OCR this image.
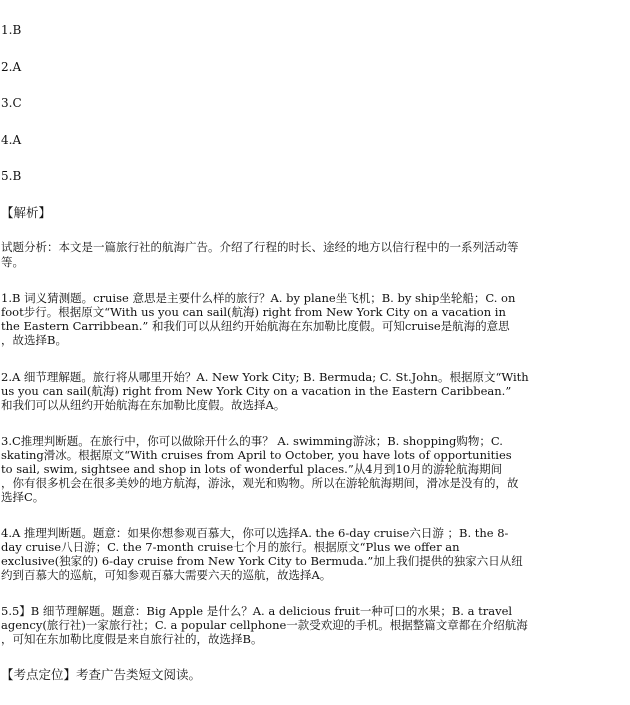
1.B
2.A
3.C
4.A
5.B
【解析】
试题分析：本文是一篇旅行社的航海广告。介绍了行程的时长、途经的地方以信行程中的一系列活动等
等。
1.B 词义猜测题。cruise 意思是主要什么样的旅行？A. by plane坐飞机；B. by ship坐轮船；C. on
foot步行。根据原文“With us you can sail(航海) right from New York City on a vacation in
the Eastern Carribbean.” 和我们可以从纽约开始航海在东加勒比度假。可知cruise是航海的意思
，故选择B。
2.A 细节理解题。旅行将从哪里开始？A. New York City; B. Bermuda; C. St.John。根据原文“With
us you can sail(航海) right from New York City on a vacation in the Eastern Caribbean.”
和我们可以从纽约开始航海在东加勒比度假。故选择A。
3.C推理判断题。在旅行中，你可以做除开什么的事？ A. swimming游泳；B. shopping购物；C.
skating滑冰。根据原文“With cruises from April to October, you have lots of opportunities
to sail, swim, sightsee and shop in lots of wonderful places.”从4月到10月的游轮航海期间
，你有很多机会在很多美妙的地方航海，游泳，观光和购物。所以在游轮航海期间，滑冰是没有的，故
选择C。
4.A 推理判断题。题意：如果你想参观百慕大，你可以选择A. the 6-day cruise六日游 ；B. the 8-
day cruise八日游；C. the 7-month cruise七个月的旅行。根据原文“Plus we offer an
exclusive(独家的) 6-day cruise from New York City to Bermuda.”加上我们提供的独家六日从纽
约到百慕大的巡航，可知参观百慕大需要六天的巡航，故选择A。
5.5】B 细节理解题。题意：Big Apple 是什么？A. a delicious fruit一种可口的水果；B. a travel
agency(旅行社)一家旅行社；C. a popular cellphone一款受欢迎的手机。根据整篇文章都在介绍航海
，可知在东加勒比度假是来自旅行社的，故选择B。
【考点定位】考查广告类短文阅读。
